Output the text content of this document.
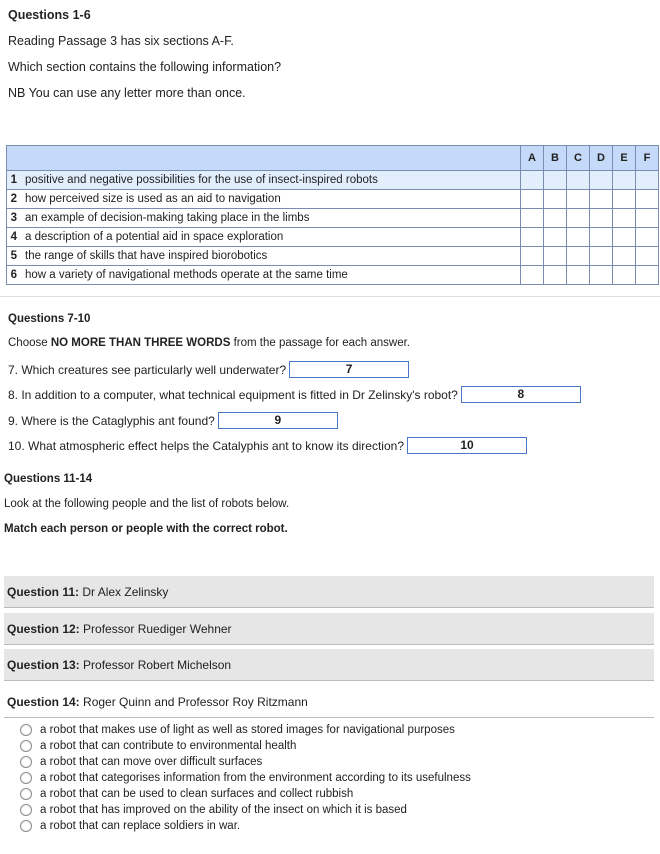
Questions 1-6
Reading Passage 3 has six sections A-F.
Which section contains the following information?
NB You can use any letter more than once.
		A	B	C	D	E	F
1	positive and negative possibilities for the use of insect-inspired robots						
2	how perceived size is used as an aid to navigation						
3	an example of decision-making taking place in the limbs						
4	a description of a potential aid in space exploration						
5	the range of skills that have inspired biorobotics						
6	how a variety of navigational methods operate at the same time						
Questions 7-10
Choose NO MORE THAN THREE WORDS from the passage for each answer.
7. Which creatures see particularly well underwater?	7
8. In addition to a computer, what technical equipment is fitted in Dr Zelinsky's robot?	8
9. Where is the Cataglyphis ant found?	9
10. What atmospheric effect helps the Catalyphis ant to know its direction?	10
Questions 11-14
Look at the following people and the list of robots below.
Match each person or people with the correct robot.
Question 11: Dr Alex Zelinsky
Question 12: Professor Ruediger Wehner
Question 13: Professor Robert Michelson
Question 14: Roger Quinn and Professor Roy Ritzmann
a robot that makes use of light as well as stored images for navigational purposes
a robot that can contribute to environmental health
a robot that can move over difficult surfaces
a robot that categorises information from the environment according to its usefulness
a robot that can be used to clean surfaces and collect rubbish
a robot that has improved on the ability of the insect on which it is based
a robot that can replace soldiers in war.
